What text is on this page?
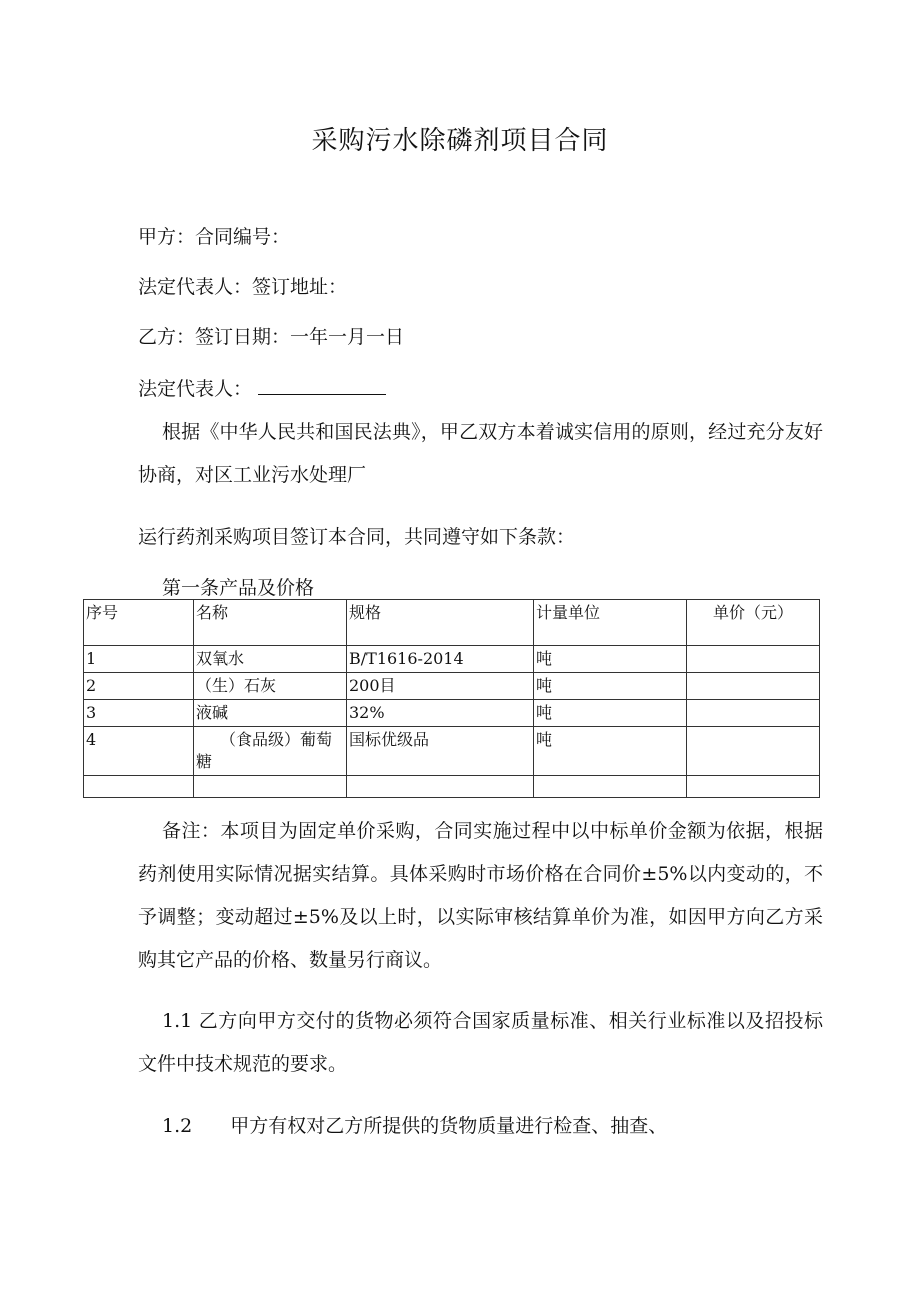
采购污水除磷剂项目合同
甲方：合同编号：
法定代表人：签订地址：
乙方：签订日期：一年一月一日
法定代表人：
根据《中华人民共和国民法典》，甲乙双方本着诚实信用的原则，经过充分友好协商，对区工业污水处理厂
运行药剂采购项目签订本合同，共同遵守如下条款：
第一条产品及价格
序号	名称	规格	计量单位	单价（元）
1	双氧水	B/T1616-2014	吨	
2	（生）石灰	200目	吨	
3	液碱	32%	吨	
4	（食品级）葡萄糖	国标优级品	吨	

备注：本项目为固定单价采购，合同实施过程中以中标单价金额为依据，根据药剂使用实际情况据实结算。具体采购时市场价格在合同价±5%以内变动的，不予调整；变动超过±5%及以上时，以实际审核结算单价为准，如因甲方向乙方采购其它产品的价格、数量另行商议。
1.1 乙方向甲方交付的货物必须符合国家质量标准、相关行业标准以及招投标文件中技术规范的要求。
1.2　　甲方有权对乙方所提供的货物质量进行检查、抽查、
